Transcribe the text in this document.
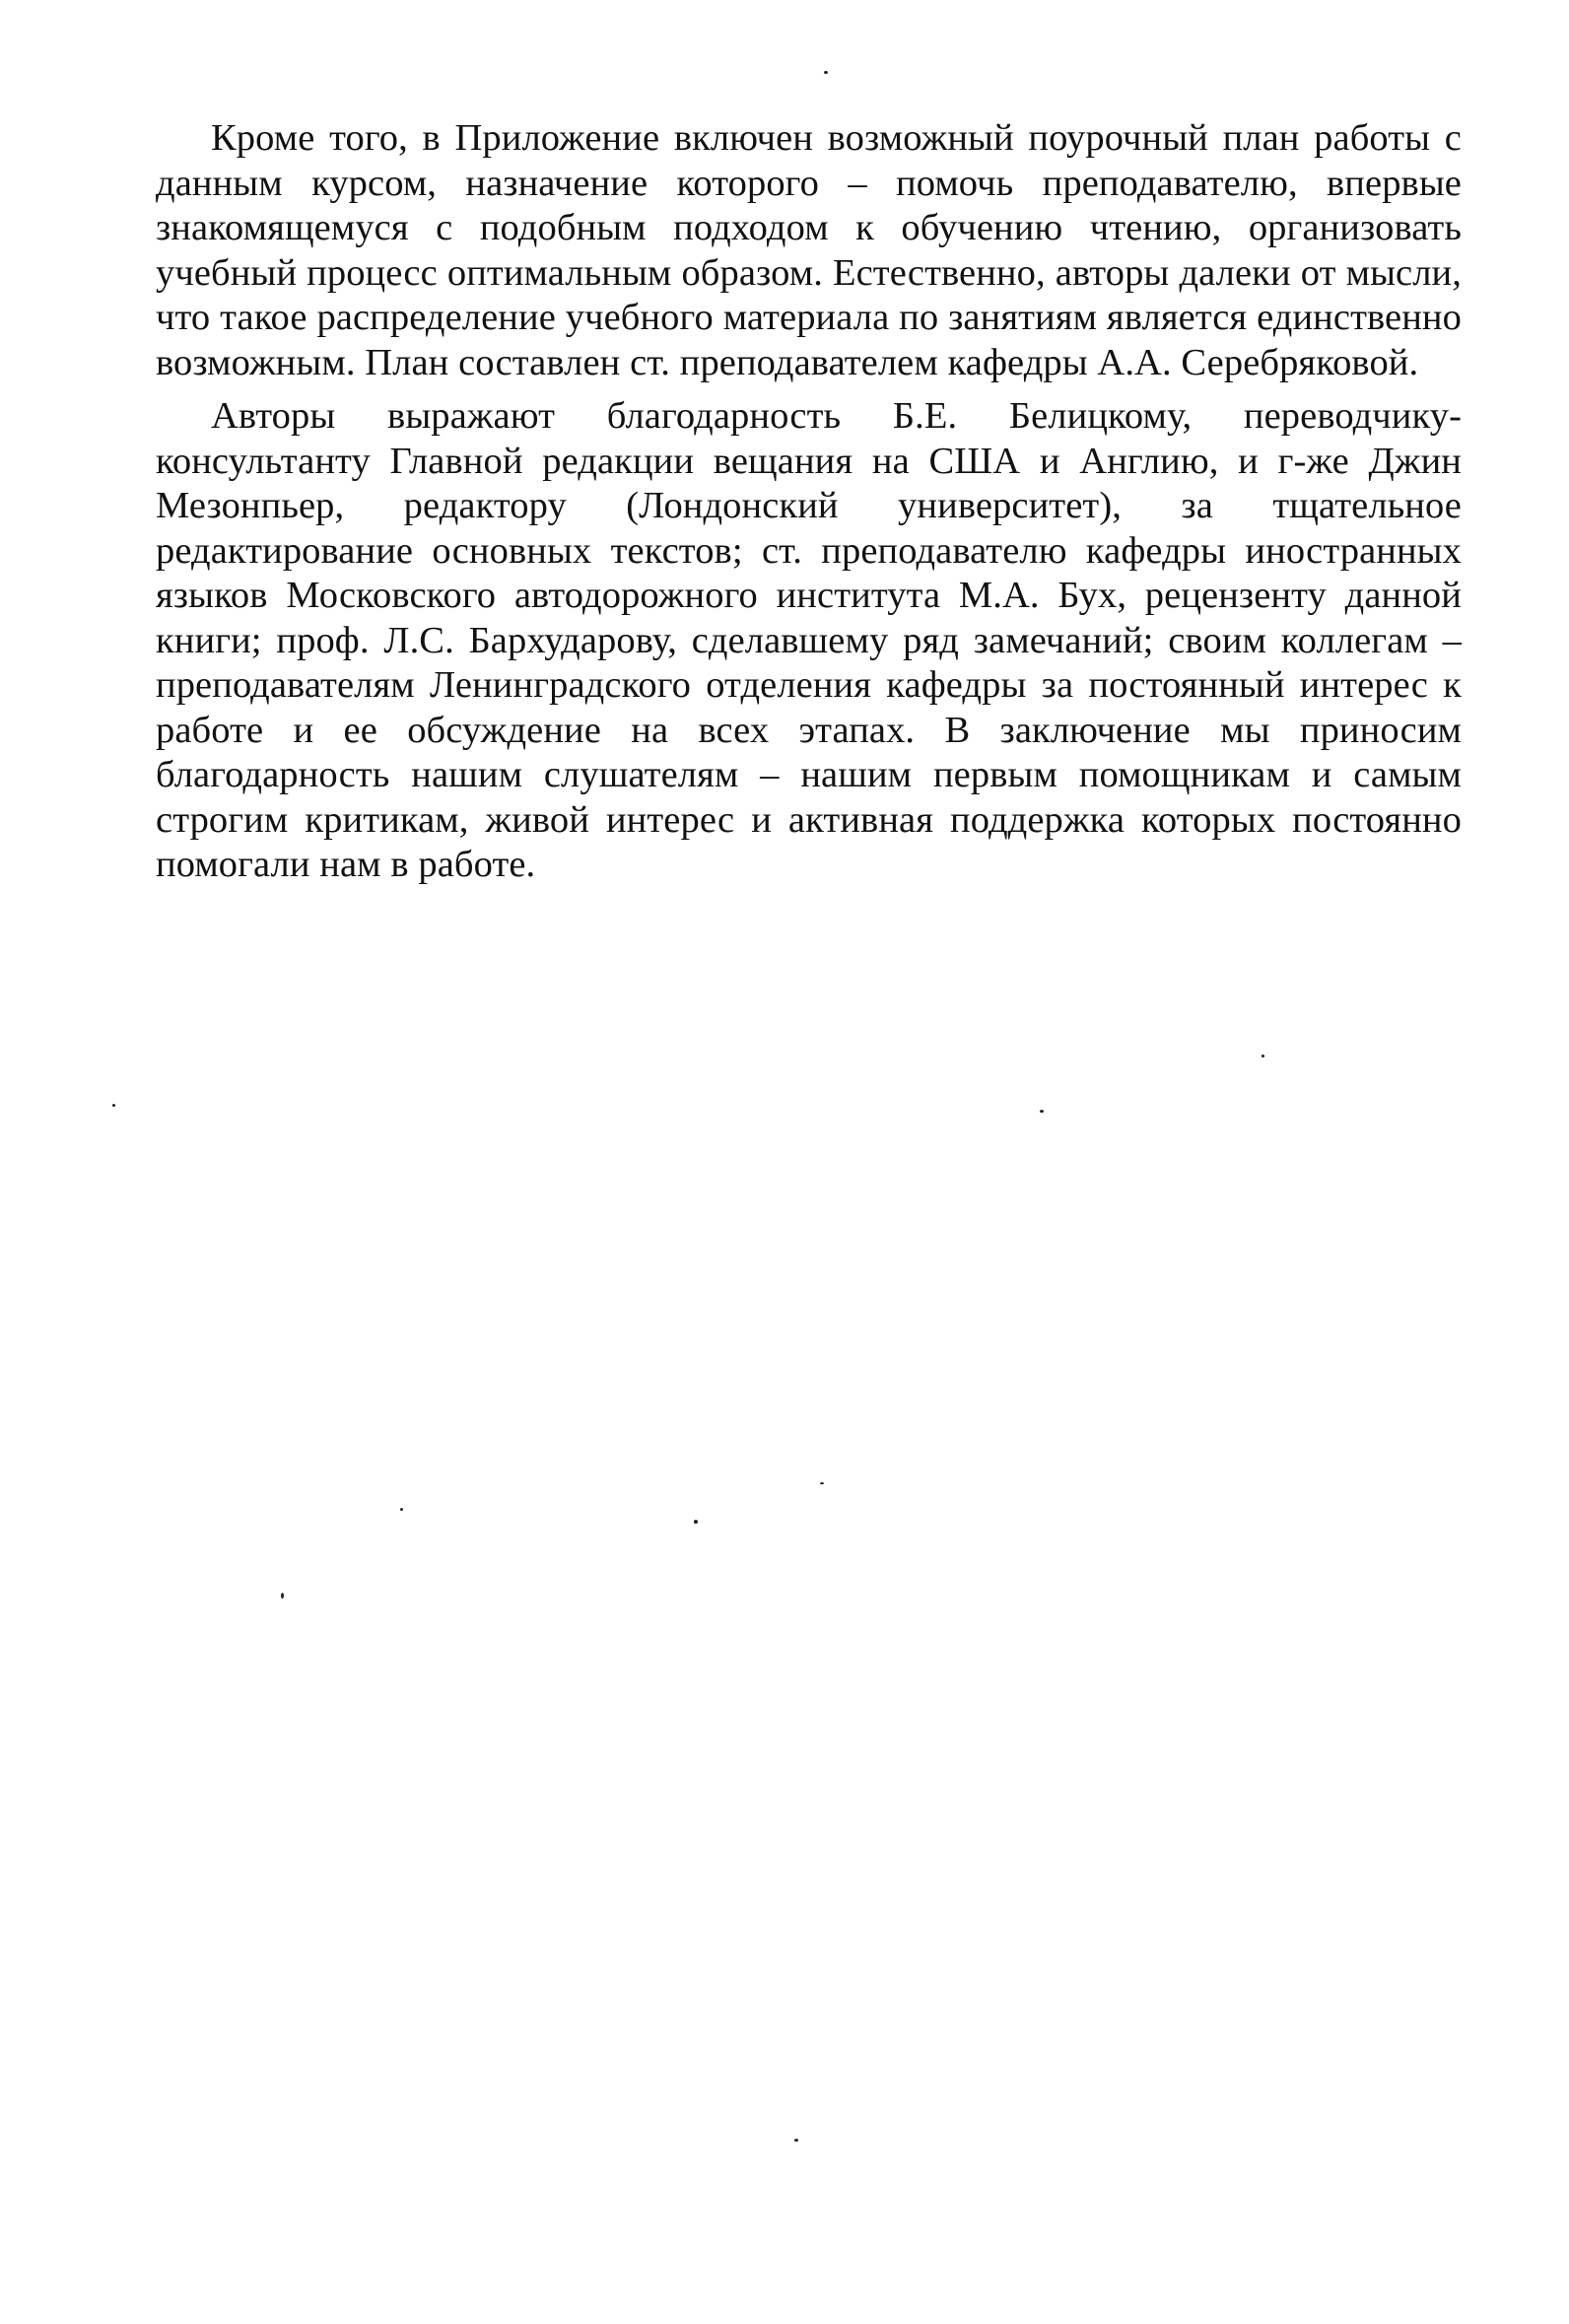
Кроме того, в Приложение включен возможный поурочный план работы с данным курсом, назначение которого – помочь преподавателю, впервые знакомящемуся с подобным подходом к обучению чтению, организовать учебный процесс оптимальным образом. Естественно, авторы далеки от мысли, что такое распределение учебного материала по занятиям является единственно возможным. План составлен ст. преподавателем кафедры А.А. Серебряковой.

Авторы выражают благодарность Б.Е. Белицкому, переводчику-консультанту Главной редакции вещания на США и Англию, и г-же Джин Мезонпьер, редактору (Лондонский университет), за тщательное редактирование основных текстов; ст. преподавателю кафедры иностранных языков Московского автодорожного института М.А. Бух, рецензенту данной книги; проф. Л.С. Бархударову, сделавшему ряд замечаний; своим коллегам – преподавателям Ленинградского отделения кафедры за постоянный интерес к работе и ее обсуждение на всех этапах. В заключение мы приносим благодарность нашим слушателям – нашим первым помощникам и самым строгим критикам, живой интерес и активная поддержка которых постоянно помогали нам в работе.
